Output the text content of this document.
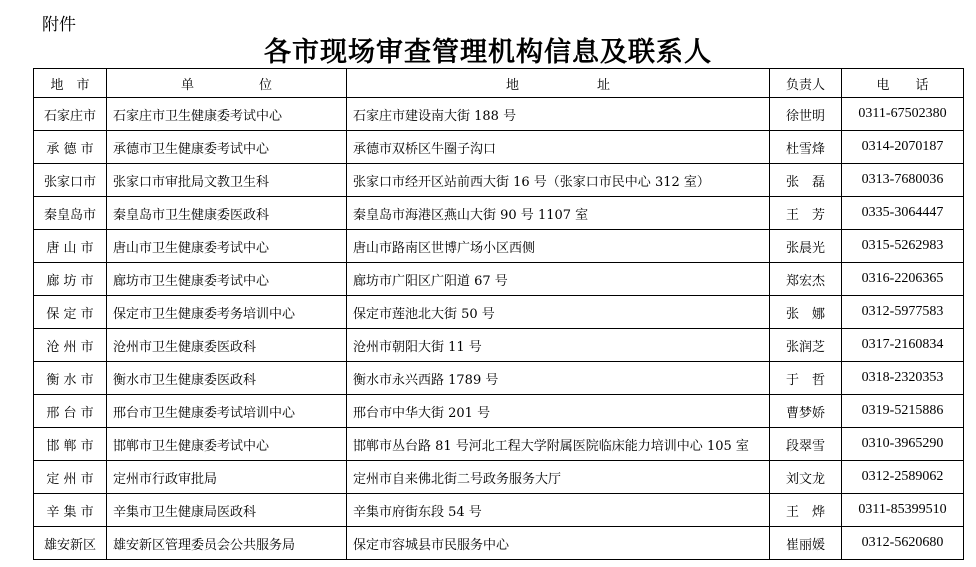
附件
各市现场审查管理机构信息及联系人
地　市	单　　　　　位	地　　　　　　址	负责人	电　　话
石家庄市	石家庄市卫生健康委考试中心	石家庄市建设南大街 188 号	徐世明	0311-67502380
承 德 市	承德市卫生健康委考试中心	承德市双桥区牛圈子沟口	杜雪烽	0314-2070187
张家口市	张家口市审批局文教卫生科	张家口市经开区站前西大街 16 号（张家口市民中心 312 室）	张　磊	0313-7680036
秦皇岛市	秦皇岛市卫生健康委医政科	秦皇岛市海港区燕山大街 90 号 1107 室	王　芳	0335-3064447
唐 山 市	唐山市卫生健康委考试中心	唐山市路南区世博广场小区西侧	张晨光	0315-5262983
廊 坊 市	廊坊市卫生健康委考试中心	廊坊市广阳区广阳道 67 号	郑宏杰	0316-2206365
保 定 市	保定市卫生健康委考务培训中心	保定市莲池北大街 50 号	张　娜	0312-5977583
沧 州 市	沧州市卫生健康委医政科	沧州市朝阳大街 11 号	张润芝	0317-2160834
衡 水 市	衡水市卫生健康委医政科	衡水市永兴西路 1789 号	于　哲	0318-2320353
邢 台 市	邢台市卫生健康委考试培训中心	邢台市中华大街 201 号	曹梦娇	0319-5215886
邯 郸 市	邯郸市卫生健康委考试中心	邯郸市丛台路 81 号河北工程大学附属医院临床能力培训中心 105 室	段翠雪	0310-3965290
定 州 市	定州市行政审批局	定州市自来佛北街二号政务服务大厅	刘文龙	0312-2589062
辛 集 市	辛集市卫生健康局医政科	辛集市府街东段 54 号	王　烨	0311-85399510
雄安新区	雄安新区管理委员会公共服务局	保定市容城县市民服务中心	崔丽媛	0312-5620680
